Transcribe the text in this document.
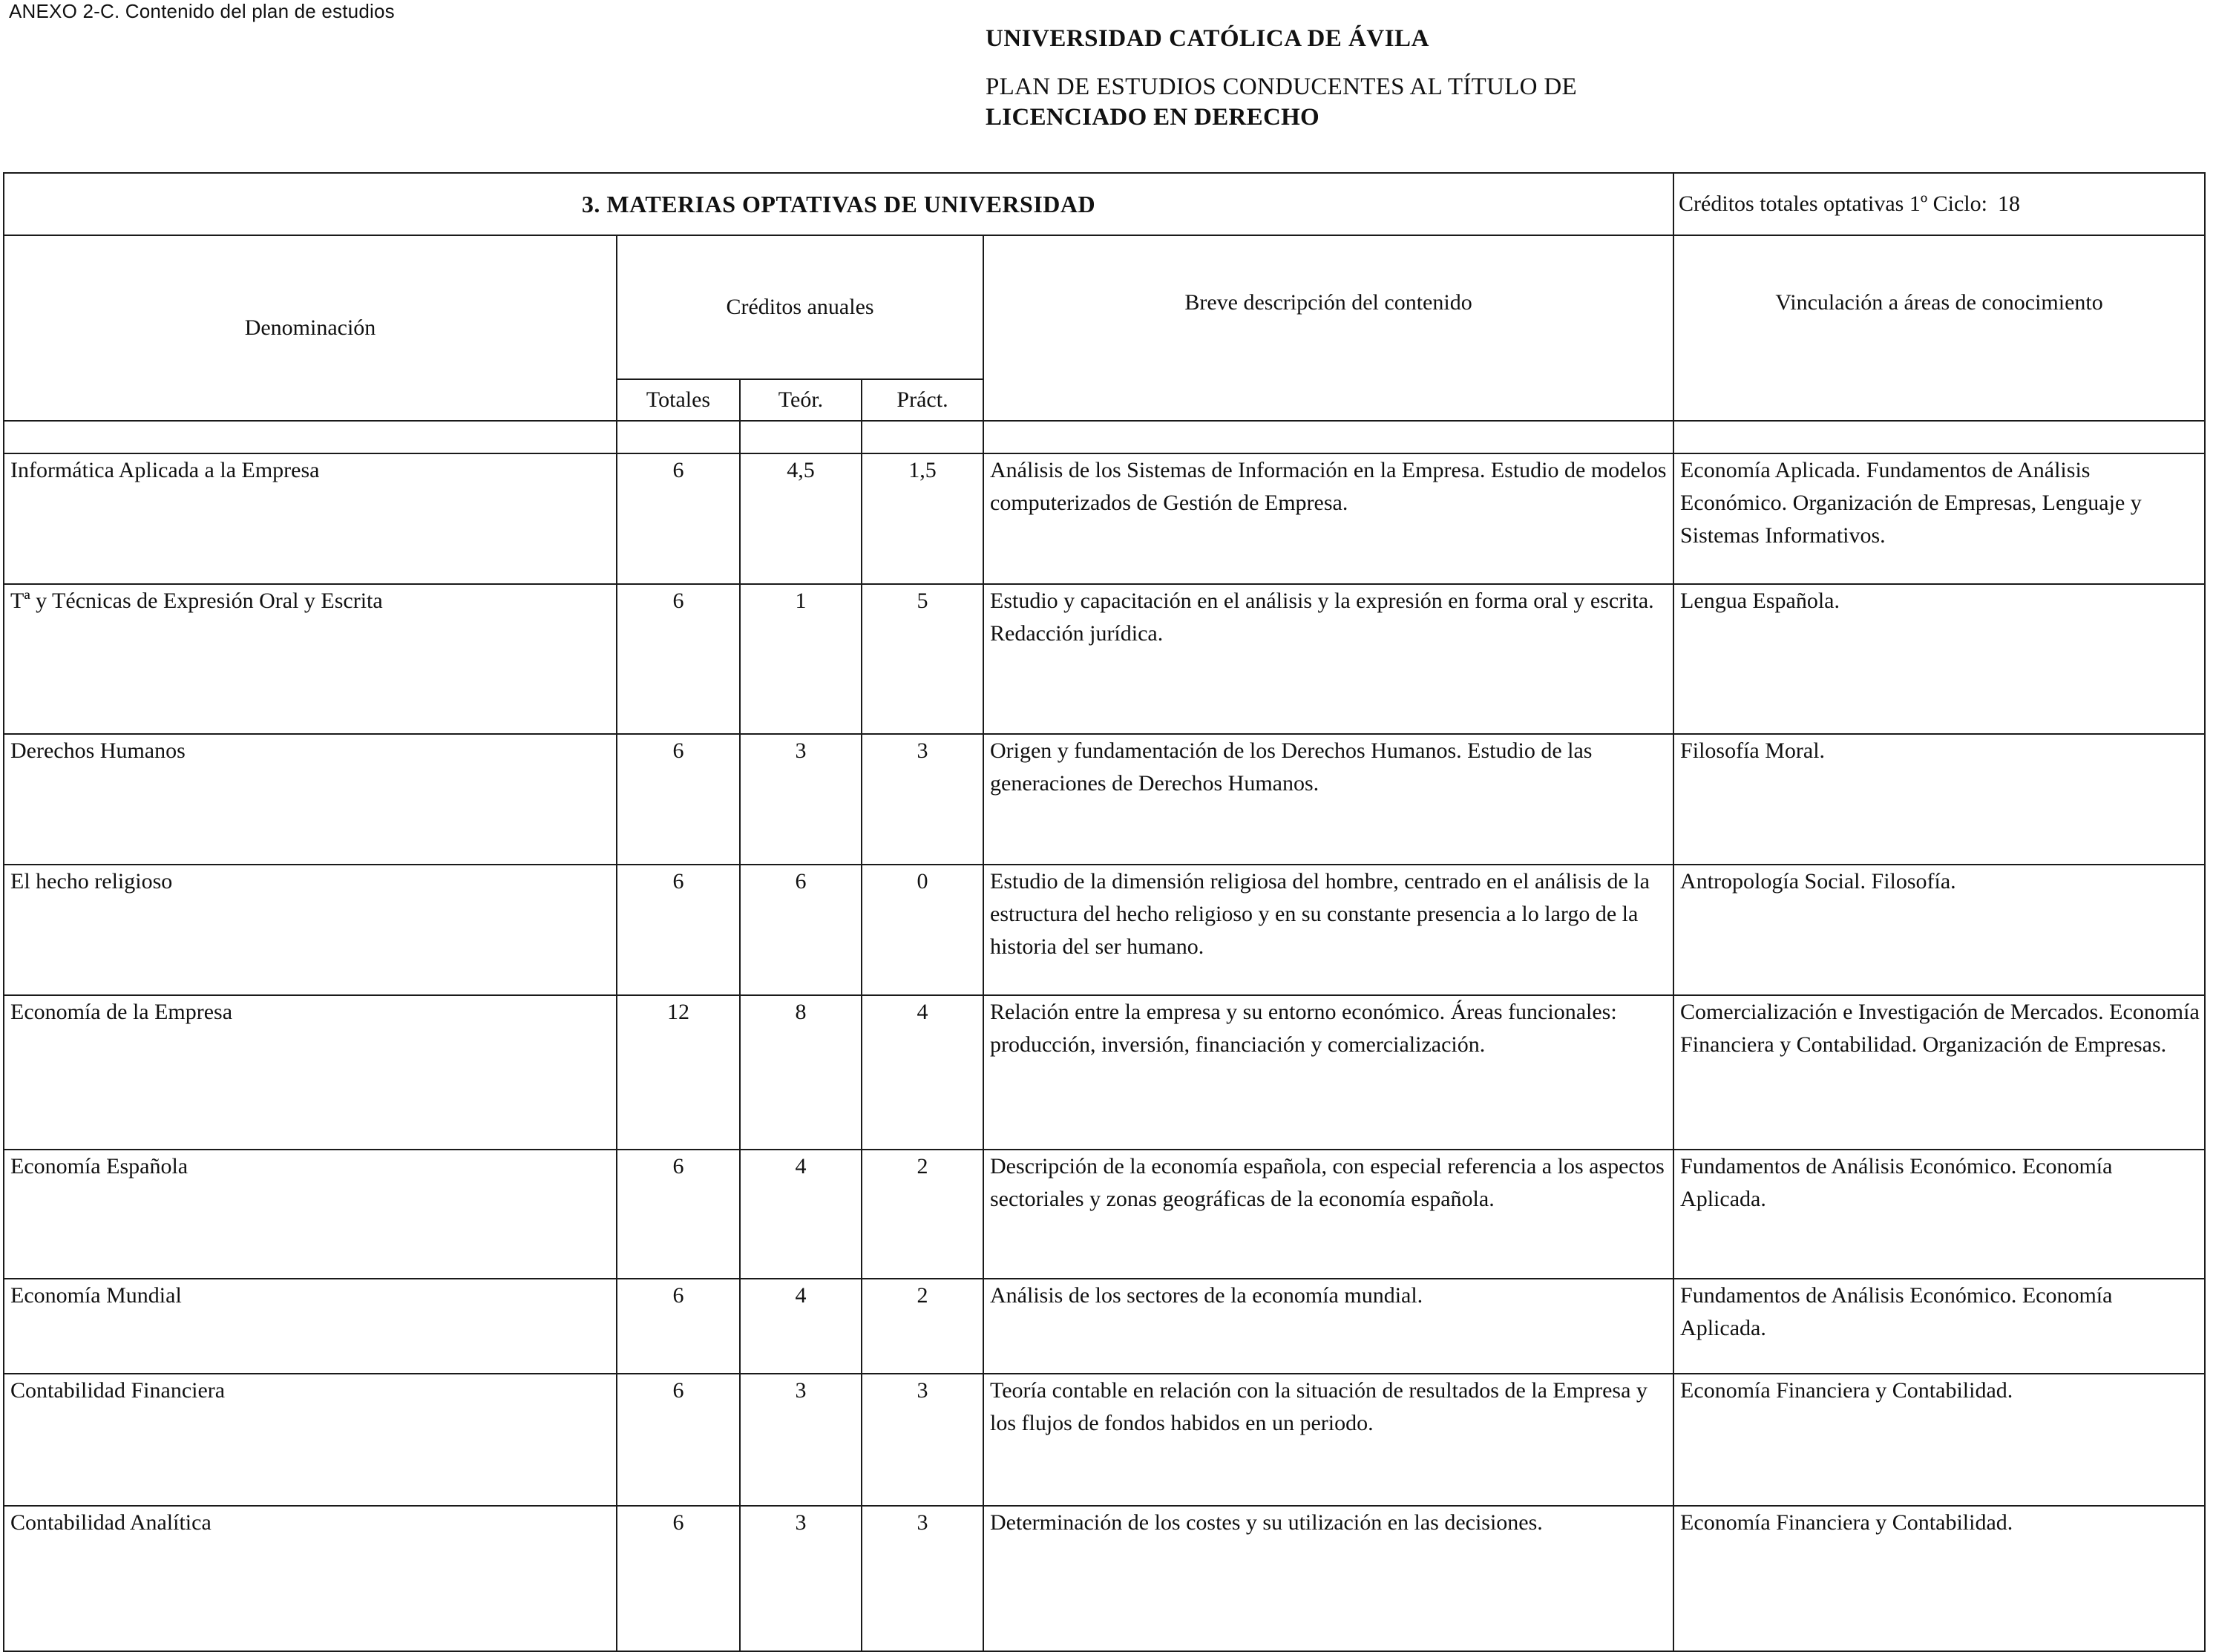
ANEXO 2-C. Contenido del plan de estudios
UNIVERSIDAD CATÓLICA DE ÁVILA
PLAN DE ESTUDIOS CONDUCENTES AL TÍTULO DE
LICENCIADO EN DERECHO
3. MATERIAS OPTATIVAS DE UNIVERSIDAD					Créditos totales optativas 1º Ciclo: 18
Denominación	Créditos anuales			Breve descripción del contenido	Vinculación a áreas de conocimiento
	Totales	Teór.	Práct.		

Informática Aplicada a la Empresa	6	4,5	1,5	Análisis de los Sistemas de Información en la Empresa. Estudio de modelos computerizados de Gestión de Empresa.	Economía Aplicada. Fundamentos de Análisis Económico. Organización de Empresas, Lenguaje y Sistemas Informativos.
Tª y Técnicas de Expresión Oral y Escrita	6	1	5	Estudio y capacitación en el análisis y la expresión en forma oral y escrita. Redacción jurídica.	Lengua Española.
Derechos Humanos	6	3	3	Origen y fundamentación de los Derechos Humanos. Estudio de las generaciones de Derechos Humanos.	Filosofía Moral.
El hecho religioso	6	6	0	Estudio de la dimensión religiosa del hombre, centrado en el análisis de la estructura del hecho religioso y en su constante presencia a lo largo de la historia del ser humano.	Antropología Social. Filosofía.
Economía de la Empresa	12	8	4	Relación entre la empresa y su entorno económico. Áreas funcionales: producción, inversión, financiación y comercialización.	Comercialización e Investigación de Mercados. Economía Financiera y Contabilidad. Organización de Empresas.
Economía Española	6	4	2	Descripción de la economía española, con especial referencia a los aspectos sectoriales y zonas geográficas de la economía española.	Fundamentos de Análisis Económico. Economía Aplicada.
Economía Mundial	6	4	2	Análisis de los sectores de la economía mundial.	Fundamentos de Análisis Económico. Economía Aplicada.
Contabilidad Financiera	6	3	3	Teoría contable en relación con la situación de resultados de la Empresa y los flujos de fondos habidos en un periodo.	Economía Financiera y Contabilidad.
Contabilidad Analítica	6	3	3	Determinación de los costes y su utilización en las decisiones.	Economía Financiera y Contabilidad.
